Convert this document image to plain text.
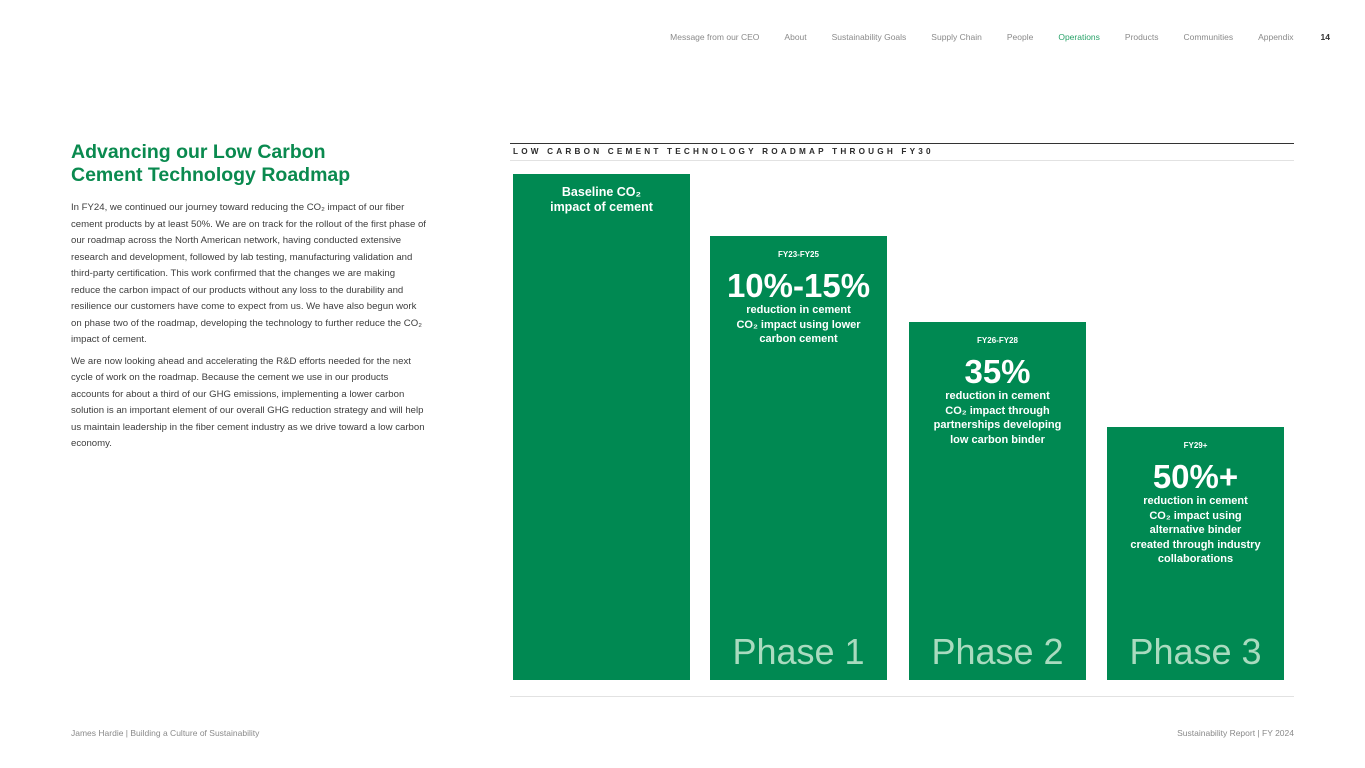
Message from our CEO	About	Sustainability Goals	Supply Chain	People	Operations	Products	Communities	Appendix	14
Advancing our Low Carbon
Cement Technology Roadmap

In FY24, we continued our journey toward reducing the CO₂ impact of our fiber cement products by at least 50%. We are on track for the rollout of the first phase of our roadmap across the North American network, having conducted extensive research and development, followed by lab testing, manufacturing validation and third-party certification. This work confirmed that the changes we are making reduce the carbon impact of our products without any loss to the durability and resilience our customers have come to expect from us. We have also begun work on phase two of the roadmap, developing the technology to further reduce the CO₂ impact of cement.

We are now looking ahead and accelerating the R&D efforts needed for the next cycle of work on the roadmap. Because the cement we use in our products accounts for about a third of our GHG emissions, implementing a lower carbon solution is an important element of our overall GHG reduction strategy and will help us maintain leadership in the fiber cement industry as we drive toward a low carbon economy.

LOW CARBON CEMENT TECHNOLOGY ROADMAP THROUGH FY30
Baseline CO₂
impact of cement
FY23-FY25
10%-15%
reduction in cement
CO₂ impact using lower
carbon cement
Phase 1
FY26-FY28
35%
reduction in cement
CO₂ impact through
partnerships developing
low carbon binder
Phase 2
FY29+
50%+
reduction in cement
CO₂ impact using
alternative binder
created through industry
collaborations
Phase 3
James Hardie | Building a Culture of Sustainability	Sustainability Report | FY 2024
